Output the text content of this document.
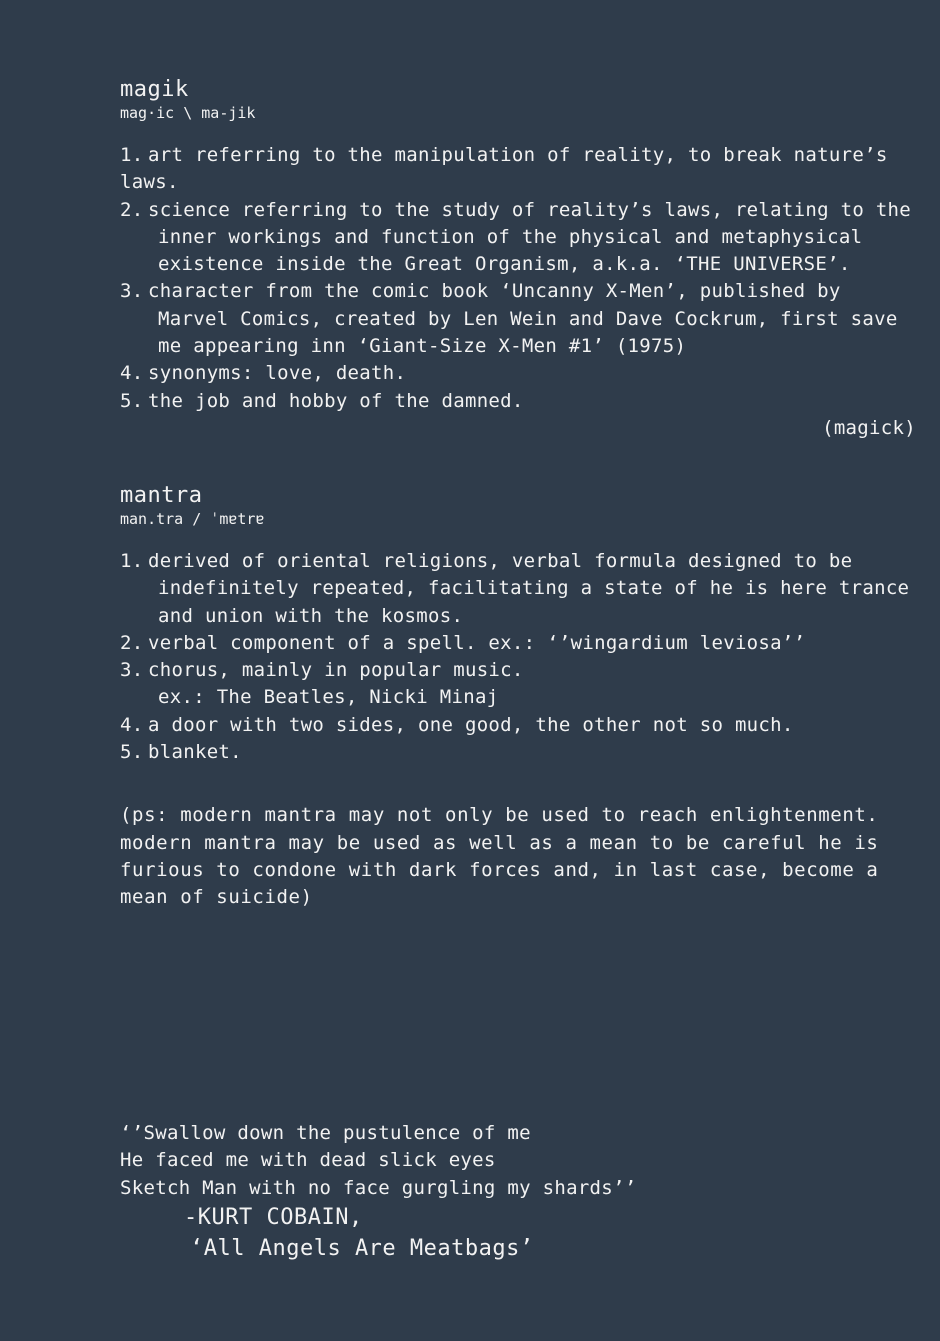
magik

mag·ic \ ma-jik

1. art referring to the manipulation of reality, to break nature’s laws.
2. science referring to the study of reality’s laws, relating to the inner workings and function of the physical and metaphysical existence inside the Great Organism, a.k.a. ‘THE UNIVERSE’.
3. character from the comic book ‘Uncanny X-Men’, published by Marvel Comics, created by Len Wein and Dave Cockrum, first save me appearing inn ‘Giant-Size X-Men #1’ (1975)
4. synonyms: love, death.
5. the job and hobby of the damned.

(magick)

mantra

man.tra / ˈmɐtrɐ

1. derived of oriental religions, verbal formula designed to be indefinitely repeated, facilitating a state of he is here trance and union with the kosmos.
2. verbal component of a spell. ex.: ‘’wingardium leviosa’’
3. chorus, mainly in popular music.
ex.: The Beatles, Nicki Minaj
4. a door with two sides, one good, the other not so much.
5. blanket.

(ps: modern mantra may not only be used to reach enlightenment. modern mantra may be used as well as a mean to be careful he is furious to condone with dark forces and, in last case, become a mean of suicide)

‘’Swallow down the pustulence of me
He faced me with dead slick eyes
Sketch Man with no face gurgling my shards’’
-KURT COBAIN,
‘All Angels Are Meatbags’
